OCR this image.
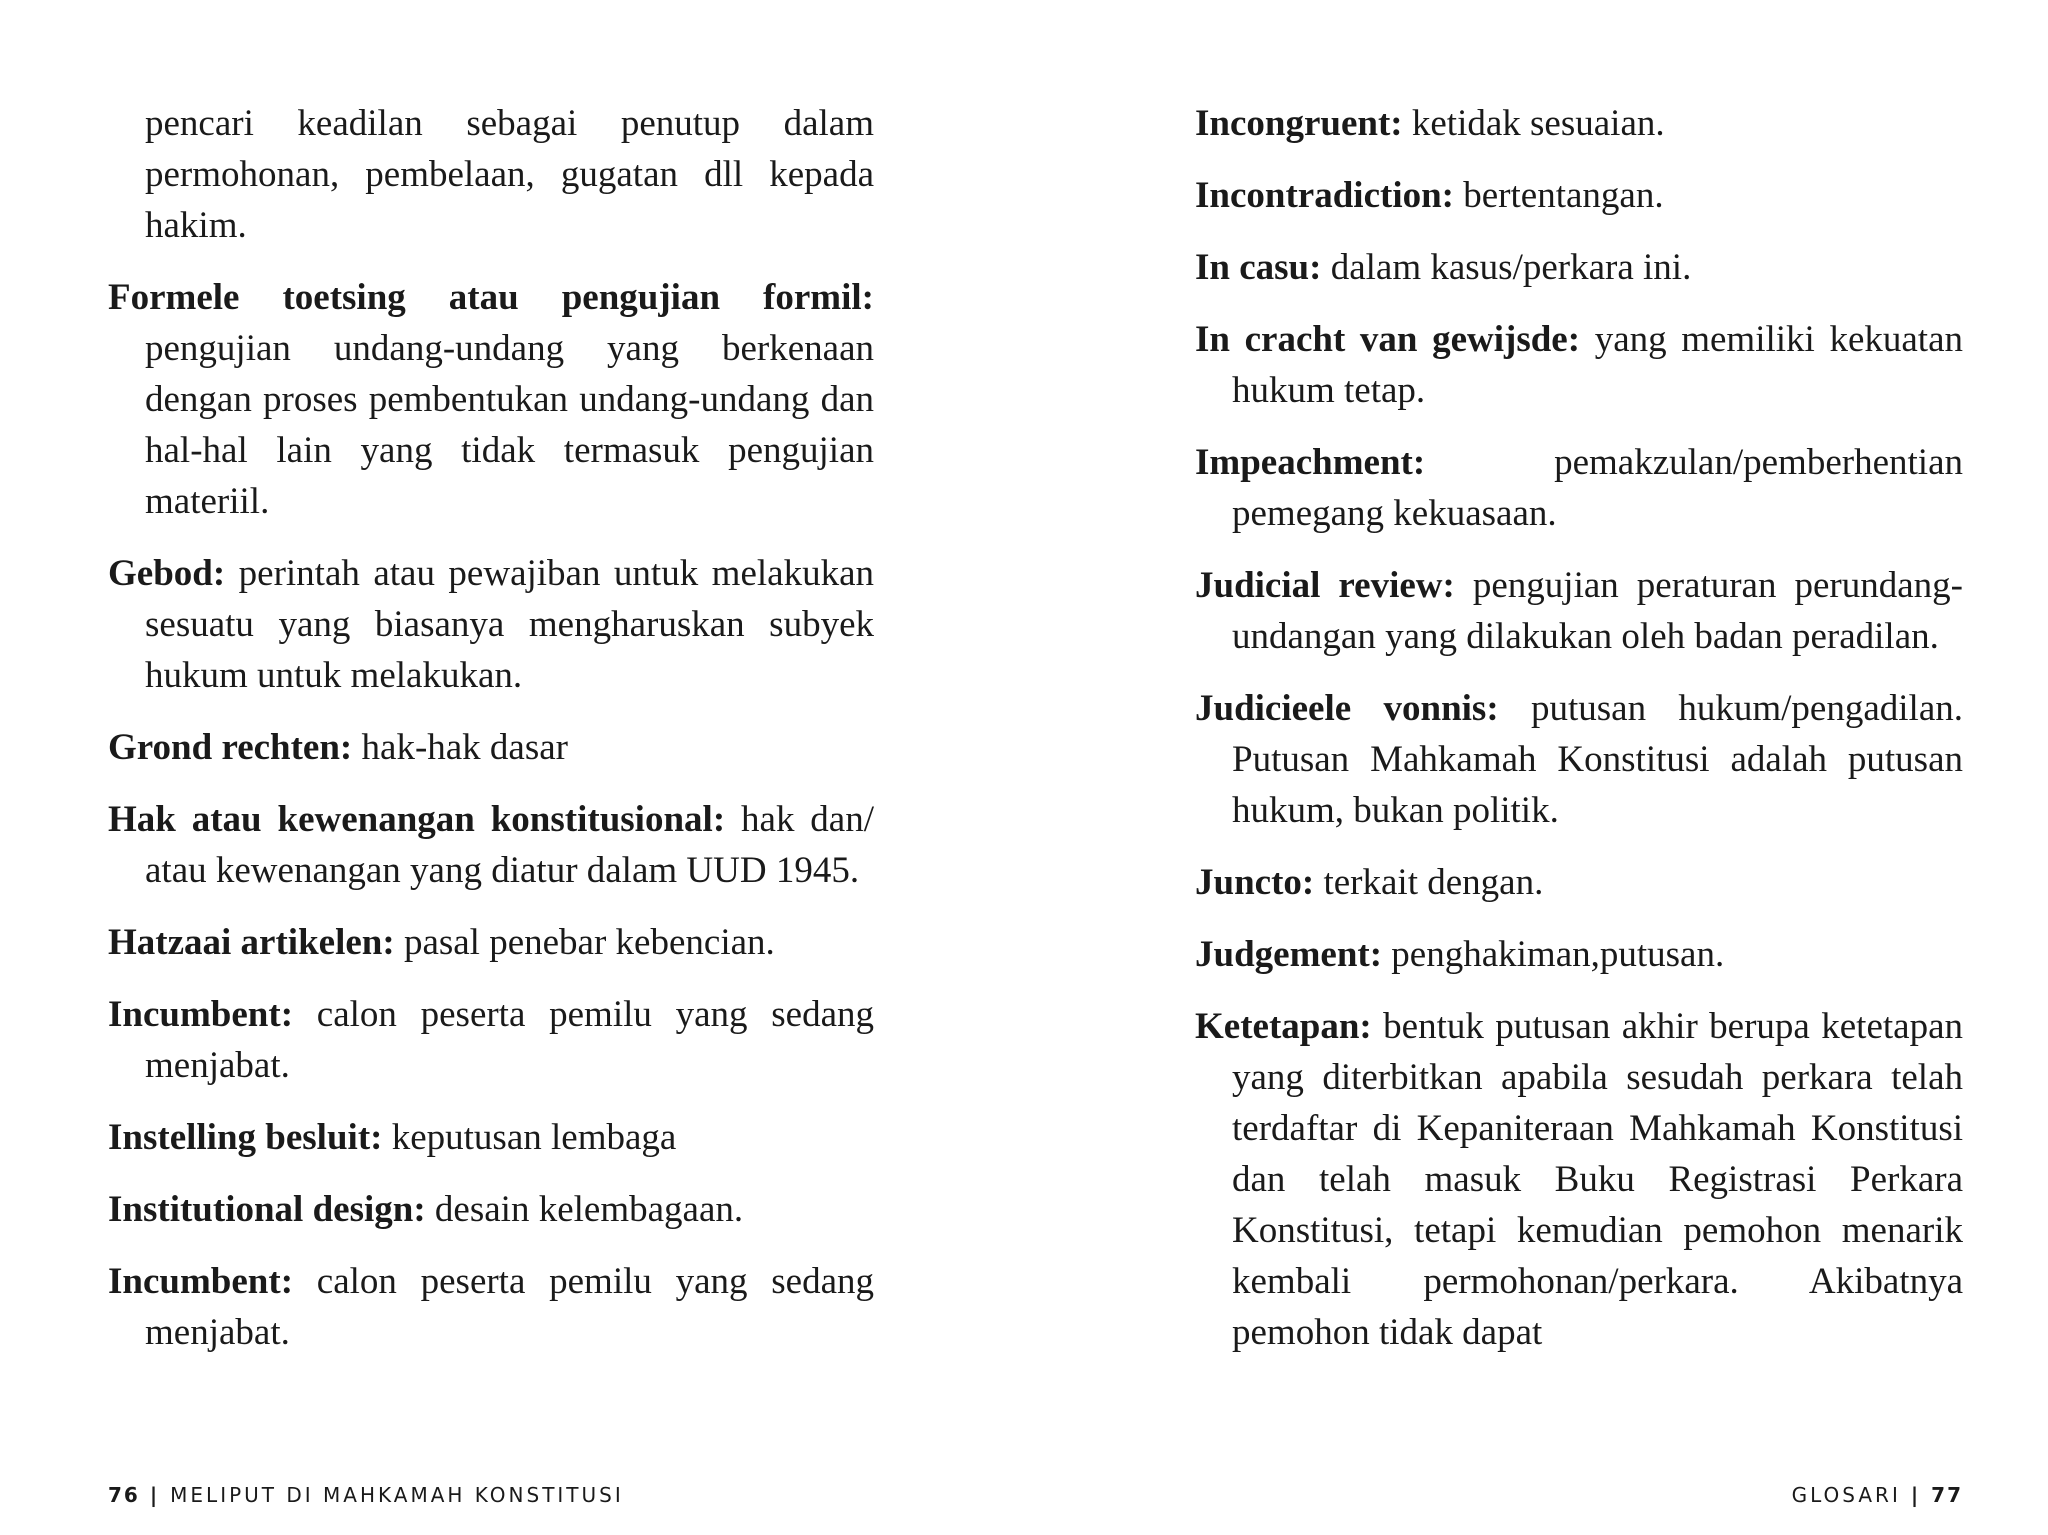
pencari keadilan sebagai penutup dalam permohonan, pembelaan, gugatan dll kepada hakim.

Formele toetsing atau pengujian formil: pengujian undang-undang yang berkenaan dengan proses pembentukan undang-undang dan hal-hal lain yang tidak termasuk pengujian materiil.

Gebod: perintah atau pewajiban untuk melakukan sesuatu yang biasanya mengharuskan subyek hukum untuk melakukan.

Grond rechten: hak-hak dasar

Hak atau kewenangan konstitusional: hak dan/ atau kewenangan yang diatur dalam UUD 1945.

Hatzaai artikelen: pasal penebar kebencian.

Incumbent: calon peserta pemilu yang sedang menjabat.

Instelling besluit: keputusan lembaga

Institutional design: desain kelembagaan.

Incumbent: calon peserta pemilu yang sedang menjabat.

76 | MELIPUT DI MAHKAMAH KONSTITUSI

Incongruent: ketidak sesuaian.

Incontradiction: bertentangan.

In casu: dalam kasus/perkara ini.

In cracht van gewijsde: yang memiliki kekuatan hukum tetap.

Impeachment:	pemakzulan/pemberhentian pemegang kekuasaan.

Judicial review: pengujian peraturan perundang-undangan yang dilakukan oleh badan peradilan.

Judicieele vonnis: putusan hukum/pengadilan. Putusan Mahkamah Konstitusi adalah putusan hukum, bukan politik.

Juncto: terkait dengan.

Judgement: penghakiman,putusan.

Ketetapan: bentuk putusan akhir berupa ketetapan yang diterbitkan apabila sesudah perkara telah terdaftar di Kepaniteraan Mahkamah Konstitusi dan telah masuk Buku Registrasi Perkara Konstitusi, tetapi kemudian pemohon menarik kembali permohonan/perkara. Akibatnya pemohon tidak dapat

GLOSARI | 77
